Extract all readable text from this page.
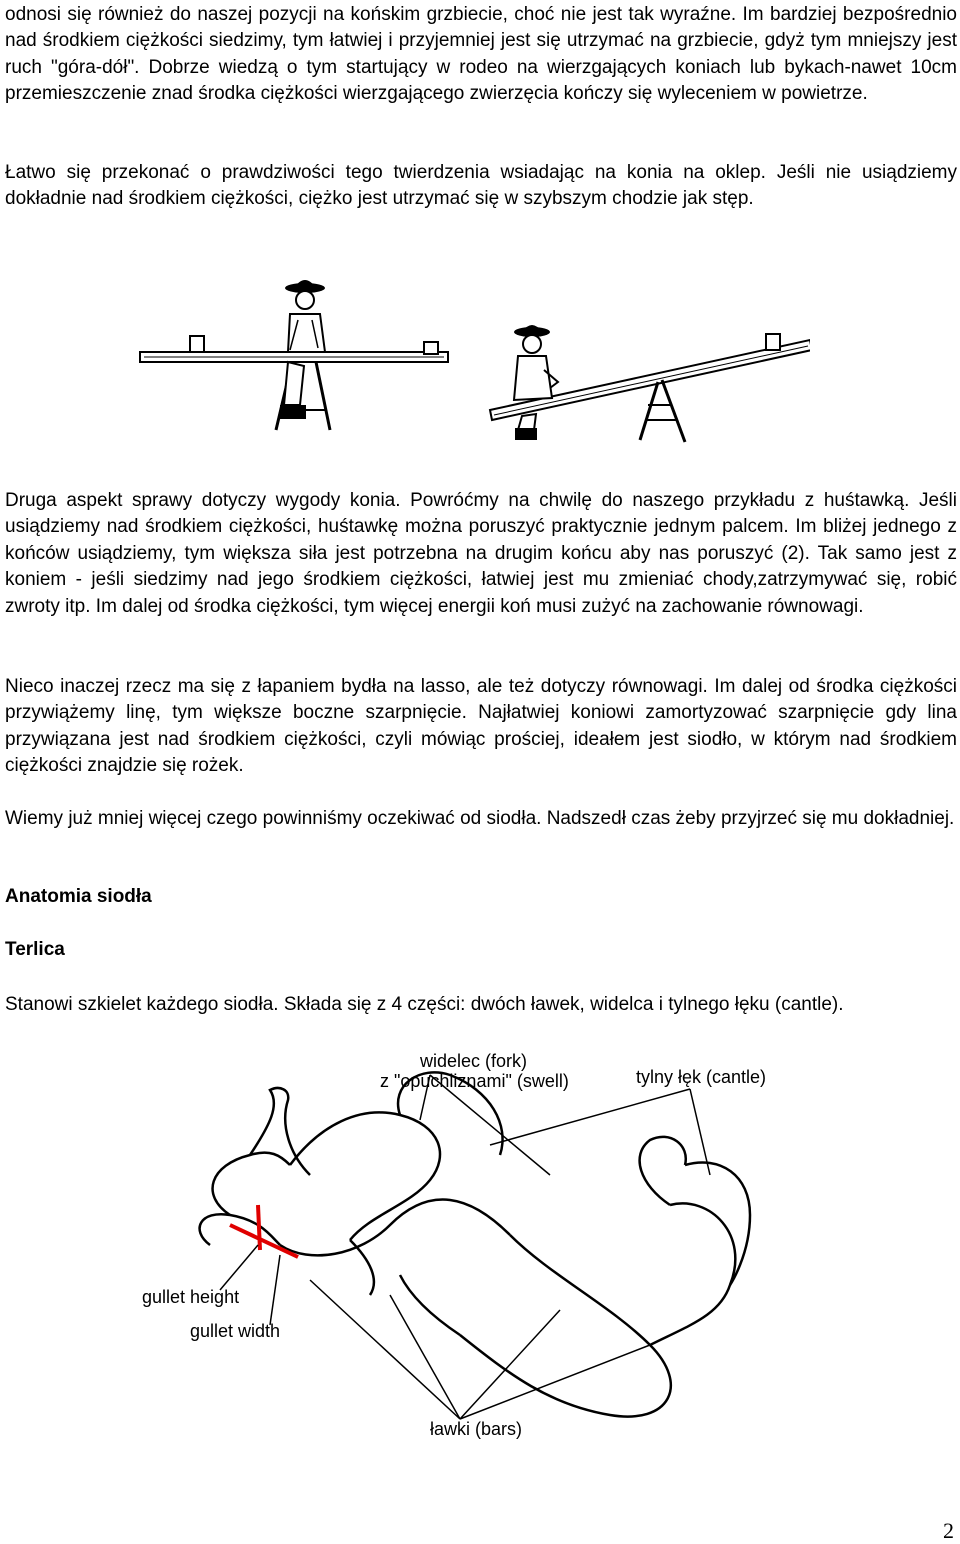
odnosi się również do naszej pozycji na końskim grzbiecie, choć nie jest tak wyraźne. Im bardziej bezpośrednio nad środkiem ciężkości siedzimy, tym łatwiej i przyjemniej jest się utrzymać na grzbiecie, gdyż tym mniejszy jest ruch "góra-dół". Dobrze wiedzą o tym startujący w rodeo na wierzgających koniach lub bykach-nawet 10cm przemieszczenie znad środka ciężkości wierzgającego zwierzęcia kończy się wyleceniem w powietrze.

Łatwo się przekonać o prawdziwości tego twierdzenia wsiadając na konia na oklep. Jeśli nie usiądziemy dokładnie nad środkiem ciężkości, ciężko jest utrzymać się w szybszym chodzie jak stęp.

Druga aspekt sprawy dotyczy wygody konia. Powróćmy na chwilę do naszego przykładu z huśtawką. Jeśli usiądziemy nad środkiem ciężkości, huśtawkę można poruszyć praktycznie jednym palcem. Im bliżej jednego z końców usiądziemy, tym większa siła jest potrzebna na drugim końcu aby nas poruszyć (2). Tak samo jest z koniem - jeśli siedzimy nad jego środkiem ciężkości, łatwiej jest mu zmieniać chody,zatrzymywać się, robić zwroty itp. Im dalej od środka ciężkości, tym więcej energii koń musi zużyć na zachowanie równowagi.

Nieco inaczej rzecz ma się z łapaniem bydła na lasso, ale też dotyczy równowagi. Im dalej od środka ciężkości przywiążemy linę, tym większe boczne szarpnięcie. Najłatwiej koniowi zamortyzować szarpnięcie gdy lina przywiązana jest nad środkiem ciężkości, czyli mówiąc prościej, ideałem jest siodło, w którym nad środkiem ciężkości znajdzie się rożek.

Wiemy już mniej więcej czego powinniśmy oczekiwać od siodła. Nadszedł czas żeby przyjrzeć się mu dokładniej.

Anatomia siodła
Terlica

Stanowi szkielet każdego siodła. Składa się z 4 części: dwóch ławek, widelca i tylnego łęku (cantle).

widelec (fork)
z "opuchliznami" (swell)	tylny łęk (cantle)
gullet height
gullet width
ławki (bars)
2
